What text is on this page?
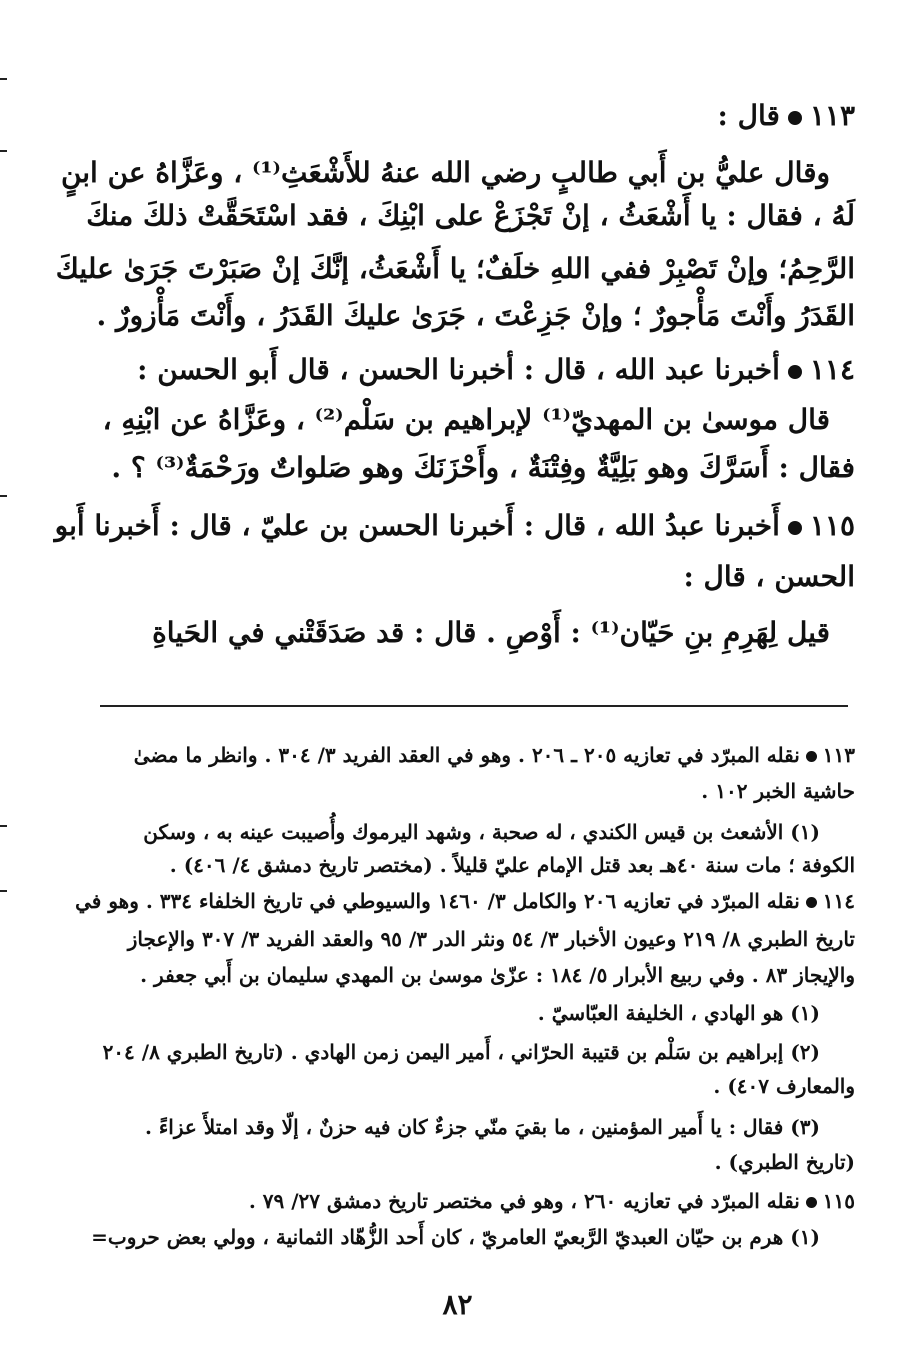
١١٣قال :
وقال عليُّ بن أَبي طالبٍ رضي الله عنهُ للأَشْعَثِ⁽¹⁾ ، وعَزَّاهُ عن ابنٍ
لَهُ ، فقال : يا أَشْعَثُ ، إنْ تَجْزَعْ على ابْنِكَ ، فقد اسْتَحَقَّتْ ذلكَ منكَ
الرَّحِمُ؛ وإنْ تَصْبِرْ ففي اللهِ خلَفٌ؛ يا أَشْعَثُ، إنَّكَ إنْ صَبَرْتَ جَرَىٰ عليكَ
القَدَرُ وأَنْتَ مَأْجورٌ ؛ وإنْ جَزِعْتَ ، جَرَىٰ عليكَ القَدَرُ ، وأَنْتَ مَأْزورٌ .
١١٤أخبرنا عبد الله ، قال : أخبرنا الحسن ، قال أَبو الحسن :
قال موسىٰ بن المهديّ⁽¹⁾ لإبراهيم بن سَلْم⁽²⁾ ، وعَزَّاهُ عن ابْنِهِ ،
فقال : أَسَرَّكَ وهو بَلِيَّةٌ وفِتْنَةٌ ، وأَحْزَنَكَ وهو صَلواتٌ ورَحْمَةٌ⁽³⁾ ؟ .
١١٥أَخبرنا عبدُ الله ، قال : أَخبرنا الحسن بن عليّ ، قال : أَخبرنا أَبو
الحسن ، قال :
قيل لِهَرِمِ بنِ حَيّان⁽¹⁾ : أَوْصِ . قال : قد صَدَقَتْني في الحَياةِ
١١٣نقله المبرّد في تعازيه ٢٠٥ ـ ٢٠٦ . وهو في العقد الفريد ٣/ ٣٠٤ . وانظر ما مضىٰ
حاشية الخبر ١٠٢ .
(١) الأشعث بن قيس الكندي ، له صحبة ، وشهد اليرموك وأُصيبت عينه به ، وسكن
الكوفة ؛ مات سنة ٤٠هـ بعد قتل الإمام عليّ قليلاً . (مختصر تاريخ دمشق ٤/ ٤٠٦) .
١١٤نقله المبرّد في تعازيه ٢٠٦ والكامل ٣/ ١٤٦٠ والسيوطي في تاريخ الخلفاء ٣٣٤ . وهو في
تاريخ الطبري ٨/ ٢١٩ وعيون الأخبار ٣/ ٥٤ ونثر الدر ٣/ ٩٥ والعقد الفريد ٣/ ٣٠٧ والإعجاز
والإيجاز ٨٣ . وفي ربيع الأبرار ٥/ ١٨٤ : عزّىٰ موسىٰ بن المهدي سليمان بن أَبي جعفر .
(١) هو الهادي ، الخليفة العبّاسيّ .
(٢) إبراهيم بن سَلْم بن قتيبة الحرّاني ، أَمير اليمن زمن الهادي . (تاريخ الطبري ٨/ ٢٠٤
والمعارف ٤٠٧) .
(٣) فقال : يا أَمير المؤمنين ، ما بقيَ منّي جزءٌ كان فيه حزنٌ ، إلّا وقد امتلأَ عزاءً .
(تاريخ الطبري) .
١١٥نقله المبرّد في تعازيه ٢٦٠ ، وهو في مختصر تاريخ دمشق ٢٧/ ٧٩ .
(١) هرم بن حيّان العبديّ الرَّبعيّ العامريّ ، كان أَحد الزُّهّاد الثمانية ، وولي بعض حروب=
٨٢
